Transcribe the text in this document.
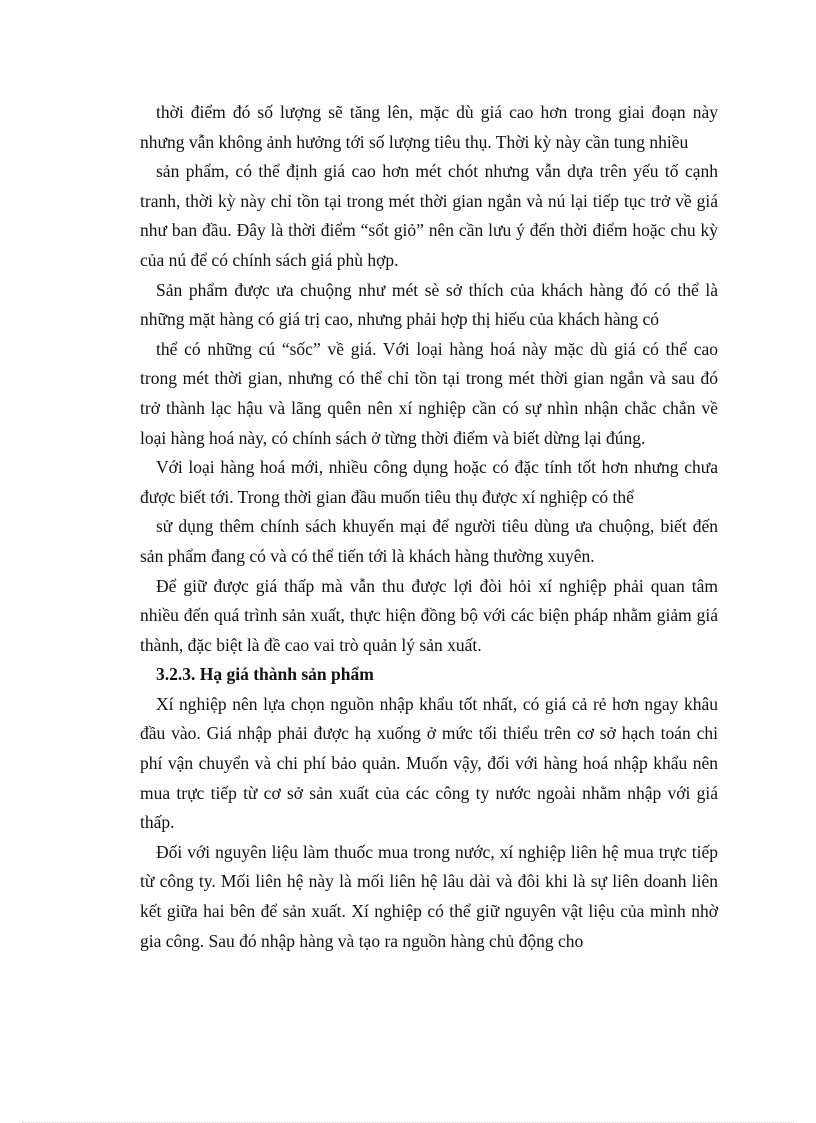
thời điểm đó số lượng sẽ tăng lên, mặc dù giá cao hơn trong giai đoạn này nhưng vẫn không ảnh hưởng tới số lượng tiêu thụ. Thời kỳ này cần tung nhiều

sản phẩm, có thể định giá cao hơn mét chót nhưng vẫn dựa trên yếu tố cạnh tranh, thời kỳ này chỉ tồn tại trong mét thời gian ngắn và nú lại tiếp tục trở về giá như ban đầu. Đây là thời điểm “sốt giỏ” nên cần lưu ý đến thời điểm hoặc chu kỳ của nú để có chính sách giá phù hợp.

Sản phẩm được ưa chuộng như mét sè sở thích của khách hàng đó có thể là những mặt hàng có giá trị cao, nhưng phải hợp thị hiếu của khách hàng có

thể có những cú “sốc” về giá. Với loại hàng hoá này mặc dù giá có thể cao trong mét thời gian, nhưng có thể chỉ tồn tại trong mét thời gian ngắn và sau đó trở thành lạc hậu và lãng quên nên xí nghiệp cần có sự nhìn nhận chắc chắn về loại hàng hoá này, có chính sách ở từng thời điểm và biết dừng lại đúng.

Với loại hàng hoá mới, nhiều công dụng hoặc có đặc tính tốt hơn nhưng chưa được biết tới. Trong thời gian đầu muốn tiêu thụ được xí nghiệp có thể

sử dụng thêm chính sách khuyến mại để người tiêu dùng ưa chuộng, biết đến sản phẩm đang có và có thể tiến tới là khách hàng thường xuyên.

Để giữ được giá thấp mà vẫn thu được lợi đòi hỏi xí nghiệp phải quan tâm nhiều đến quá trình sản xuất, thực hiện đồng bộ với các biện pháp nhằm giảm giá thành, đặc biệt là đề cao vai trò quản lý sản xuất.

3.2.3. Hạ giá thành sản phẩm

Xí nghiệp nên lựa chọn nguồn nhập khẩu tốt nhất, có giá cả rẻ hơn ngay khâu đầu vào. Giá nhập phải được hạ xuống ở mức tối thiểu trên cơ sở hạch toán chi phí vận chuyển và chi phí bảo quản. Muốn vậy, đối với hàng hoá nhập khẩu nên mua trực tiếp từ cơ sở sản xuất của các công ty nước ngoài nhằm nhập với giá thấp.

Đối với nguyên liệu làm thuốc mua trong nước, xí nghiệp liên hệ mua trực tiếp từ công ty. Mối liên hệ này là mối liên hệ lâu dài và đôi khi là sự liên doanh liên kết giữa hai bên để sản xuất. Xí nghiệp có thể giữ nguyên vật liệu của mình nhờ gia công. Sau đó nhập hàng và tạo ra nguồn hàng chủ động cho
